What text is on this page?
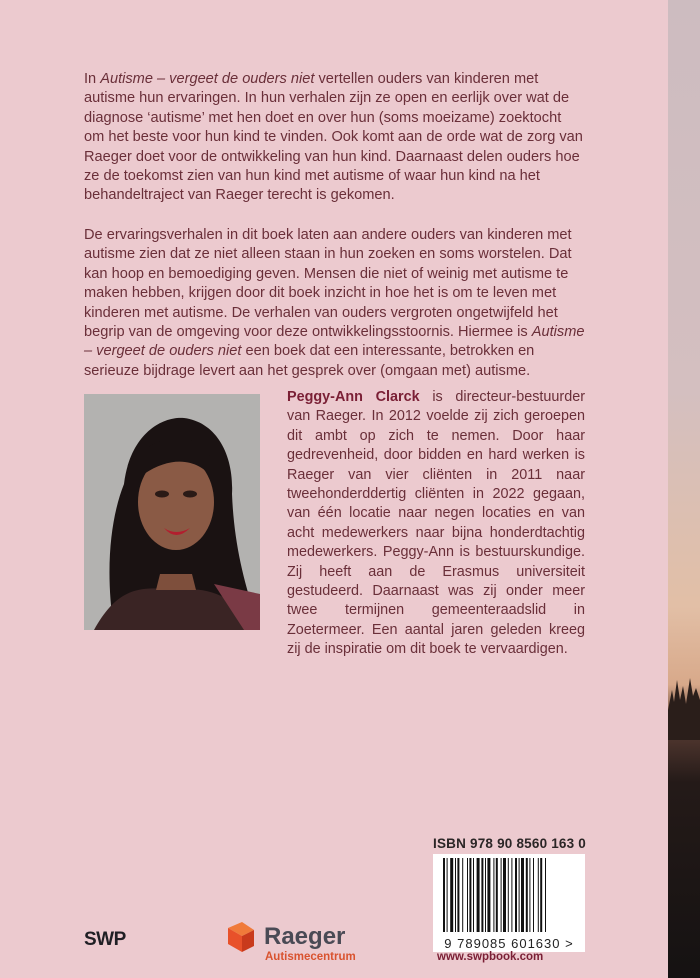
In Autisme – vergeet de ouders niet vertellen ouders van kinderen met autisme hun ervaringen. In hun verhalen zijn ze open en eerlijk over wat de diagnose ‘autisme’ met hen doet en over hun (soms moeizame) zoektocht om het beste voor hun kind te vinden. Ook komt aan de orde wat de zorg van Raeger doet voor de ontwikkeling van hun kind. Daarnaast delen ouders hoe ze de toekomst zien van hun kind met autisme of waar hun kind na het behandeltraject van Raeger terecht is gekomen.

De ervaringsverhalen in dit boek laten aan andere ouders van kinderen met autisme zien dat ze niet alleen staan in hun zoeken en soms worstelen. Dat kan hoop en bemoediging geven. Mensen die niet of weinig met autisme te maken hebben, krijgen door dit boek inzicht in hoe het is om te leven met kinderen met autisme. De verhalen van ouders vergroten ongetwijfeld het begrip van de omgeving voor deze ontwikkelingsstoornis. Hiermee is Autisme – vergeet de ouders niet een boek dat een interessante, betrokken en serieuze bijdrage levert aan het gesprek over (omgaan met) autisme.

Peggy-Ann Clarck is directeur-bestuurder van Raeger. In 2012 voelde zij zich geroepen dit ambt op zich te nemen. Door haar gedrevenheid, door bidden en hard werken is Raeger van vier cliënten in 2011 naar tweehonderddertig cliënten in 2022 gegaan, van één locatie naar negen locaties en van acht medewerkers naar bijna honderdtachtig medewerkers. Peggy-Ann is bestuurskundige. Zij heeft aan de Erasmus universiteit gestudeerd. Daarnaast was zij onder meer twee termijnen gemeenteraadslid in Zoetermeer. Een aantal jaren geleden kreeg zij de inspiratie om dit boek te vervaardigen.

ISBN 978 90 8560 163 0
9 789085 601630 >
SWP	Raeger
Autismecentrum	www.swpbook.com
